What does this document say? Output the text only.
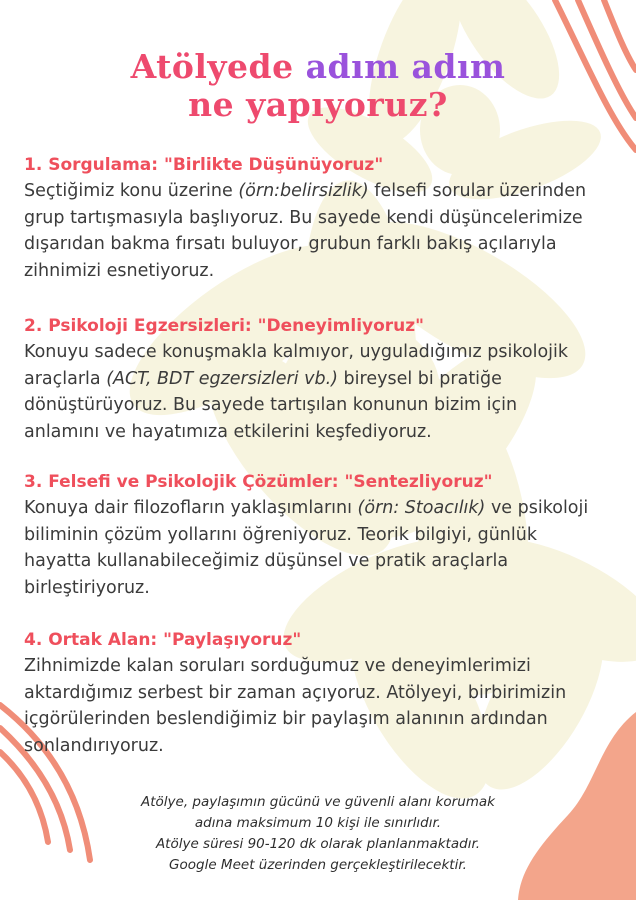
Atölyede adım adım
ne yapıyoruz?

1. Sorgulama: "Birlikte Düşünüyoruz"

Seçtiğimiz konu üzerine (örn:belirsizlik) felsefi sorular üzerinden
grup tartışmasıyla başlıyoruz. Bu sayede kendi düşüncelerimize
dışarıdan bakma fırsatı buluyor, grubun farklı bakış açılarıyla
zihnimizi esnetiyoruz.

2. Psikoloji Egzersizleri: "Deneyimliyoruz"

Konuyu sadece konuşmakla kalmıyor, uyguladığımız psikolojik
araçlarla (ACT, BDT egzersizleri vb.) bireysel bi pratiğe
dönüştürüyoruz. Bu sayede tartışılan konunun bizim için
anlamını ve hayatımıza etkilerini keşfediyoruz.

3. Felsefi ve Psikolojik Çözümler: "Sentezliyoruz"

Konuya dair filozofların yaklaşımlarını (örn: Stoacılık) ve psikoloji
biliminin çözüm yollarını öğreniyoruz. Teorik bilgiyi, günlük
hayatta kullanabileceğimiz düşünsel ve pratik araçlarla
birleştiriyoruz.

4. Ortak Alan: "Paylaşıyoruz"

Zihnimizde kalan soruları sorduğumuz ve deneyimlerimizi
aktardığımız serbest bir zaman açıyoruz. Atölyeyi, birbirimizin
içgörülerinden beslendiğimiz bir paylaşım alanının ardından
sonlandırıyoruz.

Atölye, paylaşımın gücünü ve güvenli alanı korumak
adına maksimum 10 kişi ile sınırlıdır.
Atölye süresi 90-120 dk olarak planlanmaktadır.
Google Meet üzerinden gerçekleştirilecektir.
